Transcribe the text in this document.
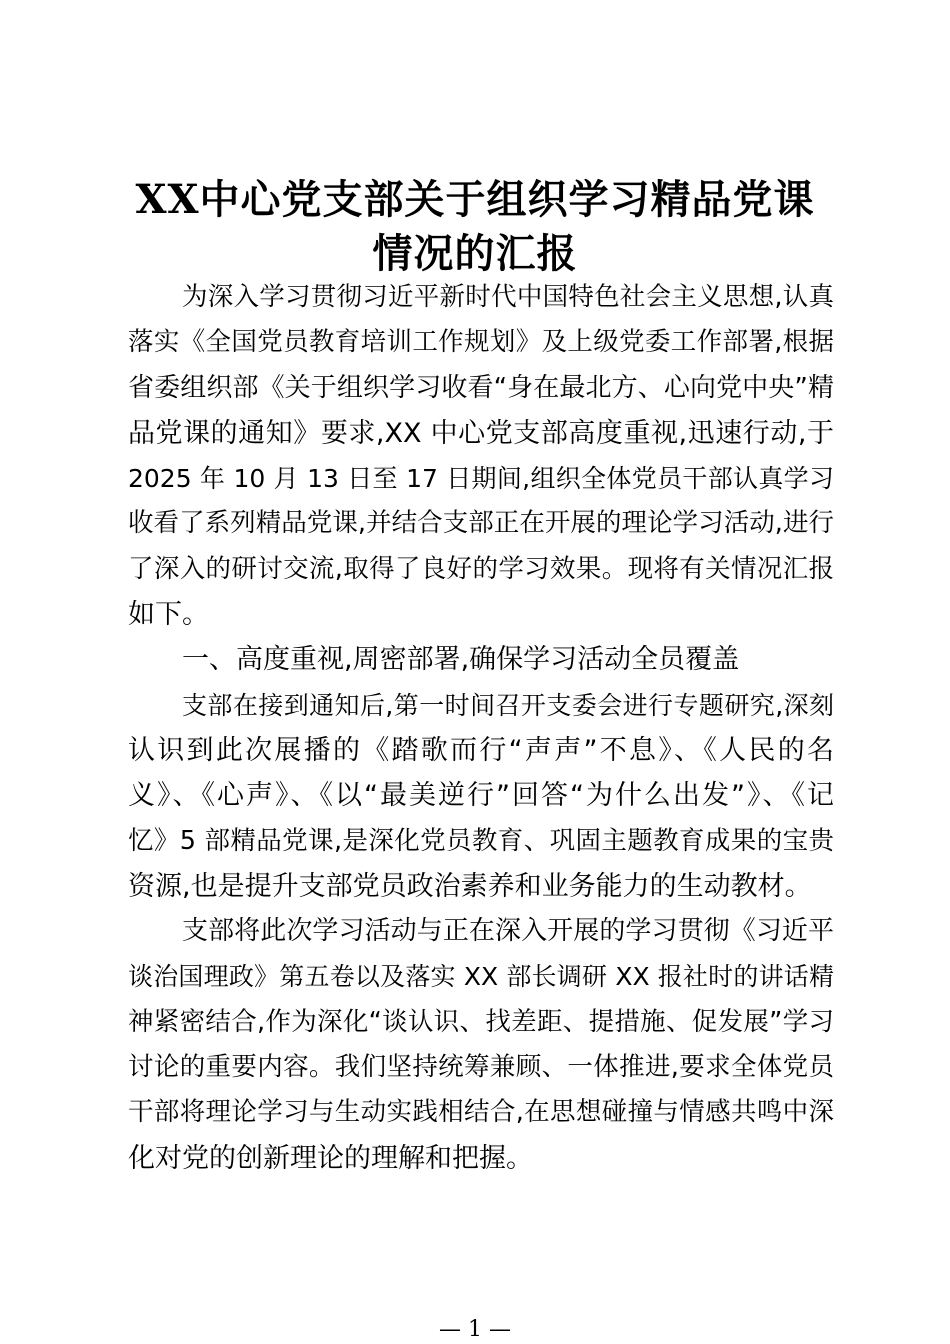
XX中心党支部关于组织学习精品党课
情况的汇报
为深入学习贯彻习近平新时代中国特色社会主义思想,认真
落实《全国党员教育培训工作规划》及上级党委工作部署,根据
省委组织部《关于组织学习收看“身在最北方、心向党中央”精
品党课的通知》要求,XX 中心党支部高度重视,迅速行动,于
2025 年 10 月 13 日至 17 日期间,组织全体党员干部认真学习
收看了系列精品党课,并结合支部正在开展的理论学习活动,进行
了深入的研讨交流,取得了良好的学习效果。现将有关情况汇报
如下。
一、高度重视,周密部署,确保学习活动全员覆盖
支部在接到通知后,第一时间召开支委会进行专题研究,深刻
认识到此次展播的《踏歌而行“声声”不息》、《人民的名
义》、《心声》、《以“最美逆行”回答“为什么出发”》、《记
忆》5 部精品党课,是深化党员教育、巩固主题教育成果的宝贵
资源,也是提升支部党员政治素养和业务能力的生动教材。
支部将此次学习活动与正在深入开展的学习贯彻《习近平
谈治国理政》第五卷以及落实 XX 部长调研 XX 报社时的讲话精
神紧密结合,作为深化“谈认识、找差距、提措施、促发展”学习
讨论的重要内容。我们坚持统筹兼顾、一体推进,要求全体党员
干部将理论学习与生动实践相结合,在思想碰撞与情感共鸣中深
化对党的创新理论的理解和把握。
— 1 —
